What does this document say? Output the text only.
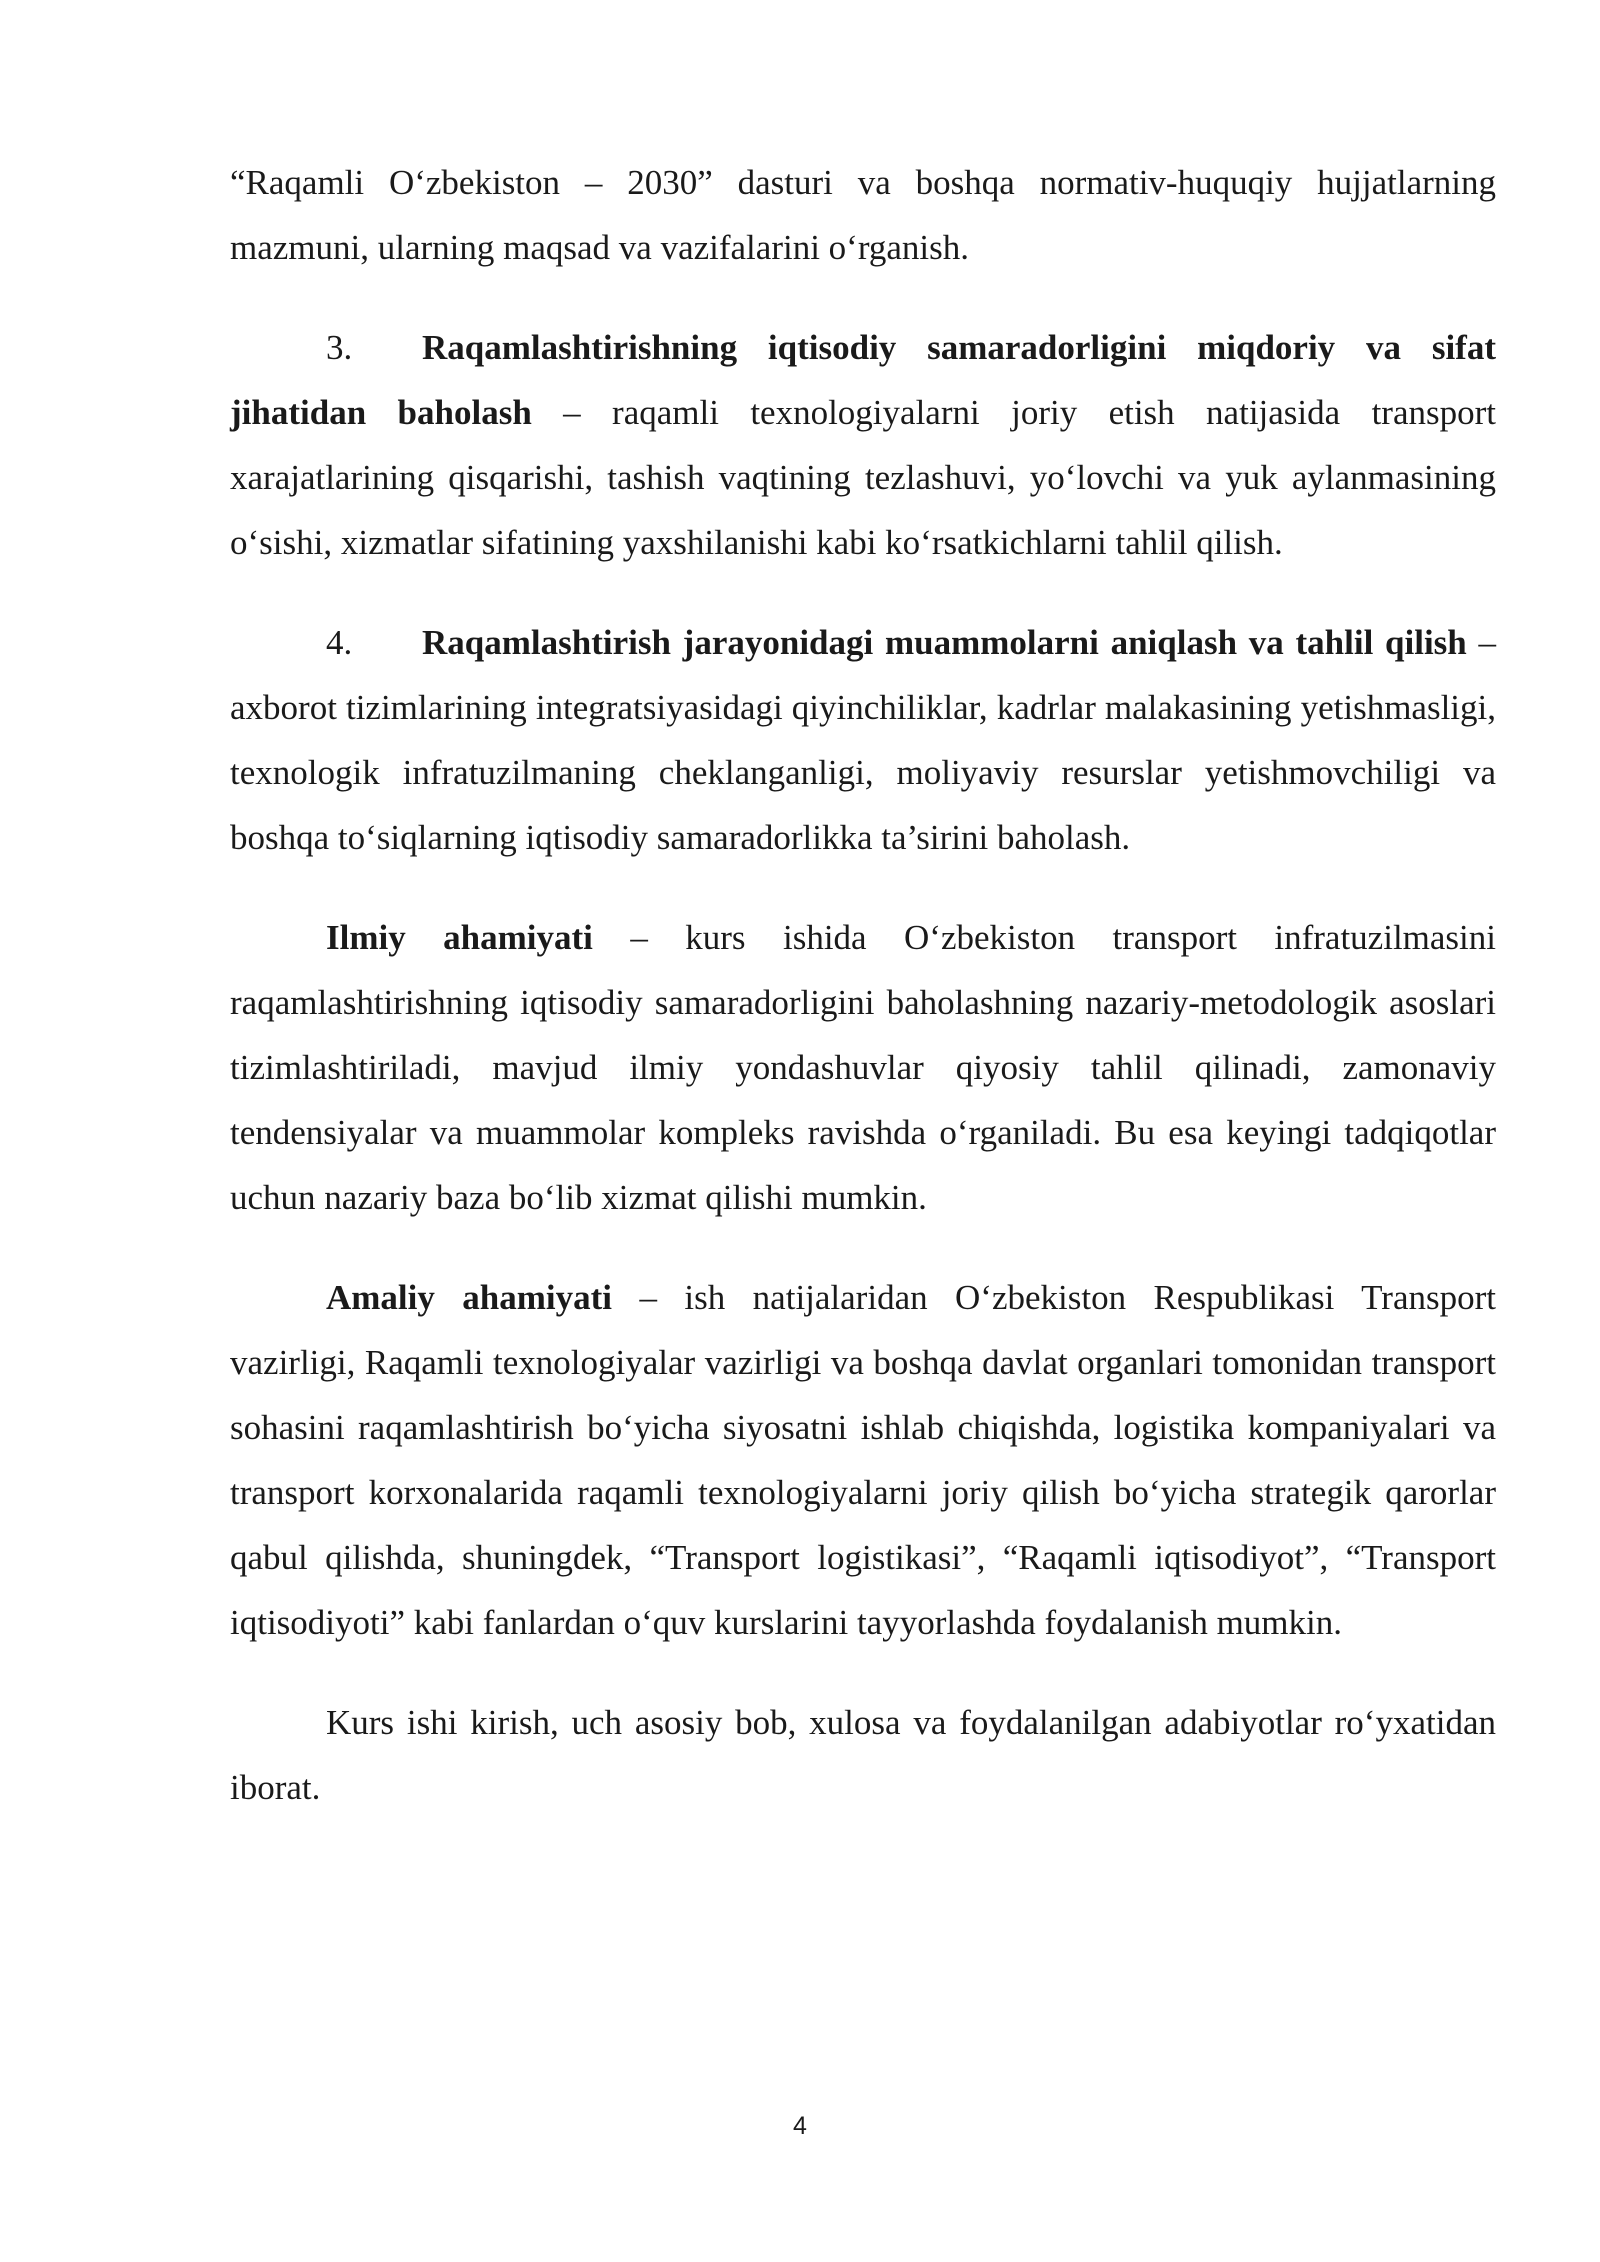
“Raqamli O‘zbekiston – 2030” dasturi va boshqa normativ-huquqiy hujjatlarning mazmuni, ularning maqsad va vazifalarini o‘rganish.

3. Raqamlashtirishning iqtisodiy samaradorligini miqdoriy va sifat jihatidan baholash – raqamli texnologiyalarni joriy etish natijasida transport xarajatlarining qisqarishi, tashish vaqtining tezlashuvi, yo‘lovchi va yuk aylanmasining o‘sishi, xizmatlar sifatining yaxshilanishi kabi ko‘rsatkichlarni tahlil qilish.

4. Raqamlashtirish jarayonidagi muammolarni aniqlash va tahlil qilish – axborot tizimlarining integratsiyasidagi qiyinchiliklar, kadrlar malakasining yetishmasligi, texnologik infratuzilmaning cheklanganligi, moliyaviy resurslar yetishmovchiligi va boshqa to‘siqlarning iqtisodiy samaradorlikka ta’sirini baholash.

Ilmiy ahamiyati – kurs ishida O‘zbekiston transport infratuzilmasini raqamlashtirishning iqtisodiy samaradorligini baholashning nazariy-metodologik asoslari tizimlashtiriladi, mavjud ilmiy yondashuvlar qiyosiy tahlil qilinadi, zamonaviy tendensiyalar va muammolar kompleks ravishda o‘rganiladi. Bu esa keyingi tadqiqotlar uchun nazariy baza bo‘lib xizmat qilishi mumkin.

Amaliy ahamiyati – ish natijalaridan O‘zbekiston Respublikasi Transport vazirligi, Raqamli texnologiyalar vazirligi va boshqa davlat organlari tomonidan transport sohasini raqamlashtirish bo‘yicha siyosatni ishlab chiqishda, logistika kompaniyalari va transport korxonalarida raqamli texnologiyalarni joriy qilish bo‘yicha strategik qarorlar qabul qilishda, shuningdek, “Transport logistikasi”, “Raqamli iqtisodiyot”, “Transport iqtisodiyoti” kabi fanlardan o‘quv kurslarini tayyorlashda foydalanish mumkin.

Kurs ishi kirish, uch asosiy bob, xulosa va foydalanilgan adabiyotlar ro‘yxatidan iborat.

4
